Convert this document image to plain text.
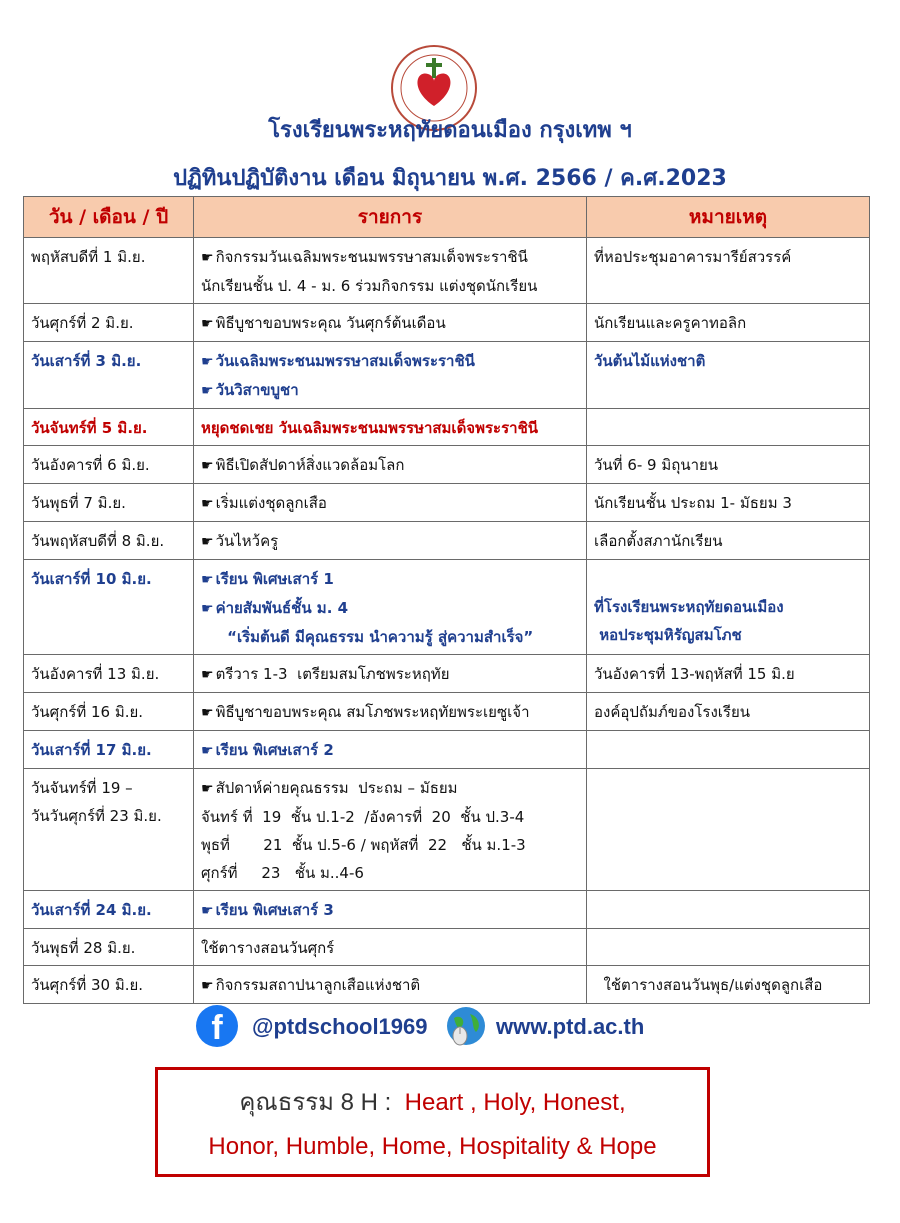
โรงเรียนพระหฤทัยดอนเมือง กรุงเทพ ฯ
ปฏิทินปฏิบัติงาน เดือน มิถุนายน พ.ศ. 2566 / ค.ศ.2023
วัน / เดือน / ปี	รายการ	หมายเหตุ

พฤหัสบดีที่ 1 มิ.ย.	☛ กิจกรรมวันเฉลิมพระชนมพรรษาสมเด็จพระราชินี
นักเรียนชั้น ป. 4 - ม. 6 ร่วมกิจกรรม แต่งชุดนักเรียน	ที่หอประชุมอาคารมารีย์สวรรค์

วันศุกร์ที่ 2 มิ.ย.	☛ พิธีบูชาขอบพระคุณ วันศุกร์ต้นเดือน	นักเรียนและครูคาทอลิก

วันเสาร์ที่ 3 มิ.ย.	☛ วันเฉลิมพระชนมพรรษาสมเด็จพระราชินี
☛ วันวิสาขบูชา	วันต้นไม้แห่งชาติ

วันจันทร์ที่ 5 มิ.ย.	หยุดชดเชย วันเฉลิมพระชนมพรรษาสมเด็จพระราชินี	

วันอังคารที่ 6 มิ.ย.	☛ พิธีเปิดสัปดาห์สิ่งแวดล้อมโลก	วันที่ 6- 9 มิถุนายน

วันพุธที่ 7 มิ.ย.	☛ เริ่มแต่งชุดลูกเสือ	นักเรียนชั้น ประถม 1- มัธยม 3

วันพฤหัสบดีที่ 8 มิ.ย.	☛ วันไหว้ครู	เลือกตั้งสภานักเรียน

วันเสาร์ที่ 10 มิ.ย.	☛ เรียน พิเศษเสาร์ 1
☛ ค่ายสัมพันธ์ชั้น ม. 4
“เริ่มต้นดี มีคุณธรรม นำความรู้ สู่ความสำเร็จ”	ที่โรงเรียนพระหฤทัยดอนเมือง
หอประชุมหิรัญสมโภช

วันอังคารที่ 13 มิ.ย.	☛ ตรีวาร 1-3  เตรียมสมโภชพระหฤทัย	วันอังคารที่ 13-พฤหัสที่ 15 มิ.ย

วันศุกร์ที่ 16 มิ.ย.	☛ พิธีบูชาขอบพระคุณ สมโภชพระหฤทัยพระเยซูเจ้า	องค์อุปถัมภ์ของโรงเรียน

วันเสาร์ที่ 17 มิ.ย.	☛ เรียน พิเศษเสาร์ 2	

วันจันทร์ที่ 19 –
วันวันศุกร์ที่ 23 มิ.ย.	☛ สัปดาห์ค่ายคุณธรรม  ประถม – มัธยม
จันทร์ ที่  19  ชั้น ป.1-2  /อังคารที่  20  ชั้น ป.3-4
พุธที่       21  ชั้น ป.5-6 / พฤหัสที่  22   ชั้น ม.1-3
ศุกร์ที่     23   ชั้น ม..4-6	

วันเสาร์ที่ 24 มิ.ย.	☛ เรียน พิเศษเสาร์ 3	

วันพุธที่ 28 มิ.ย.	ใช้ตารางสอนวันศุกร์	

วันศุกร์ที่ 30 มิ.ย.	☛ กิจกรรมสถาปนาลูกเสือแห่งชาติ	ใช้ตารางสอนวันพุธ/แต่งชุดลูกเสือ
f	@ptdschool1969	www.ptd.ac.th
คุณธรรม 8 H : Heart , Holy, Honest,
Honor, Humble, Home, Hospitality & Hope
